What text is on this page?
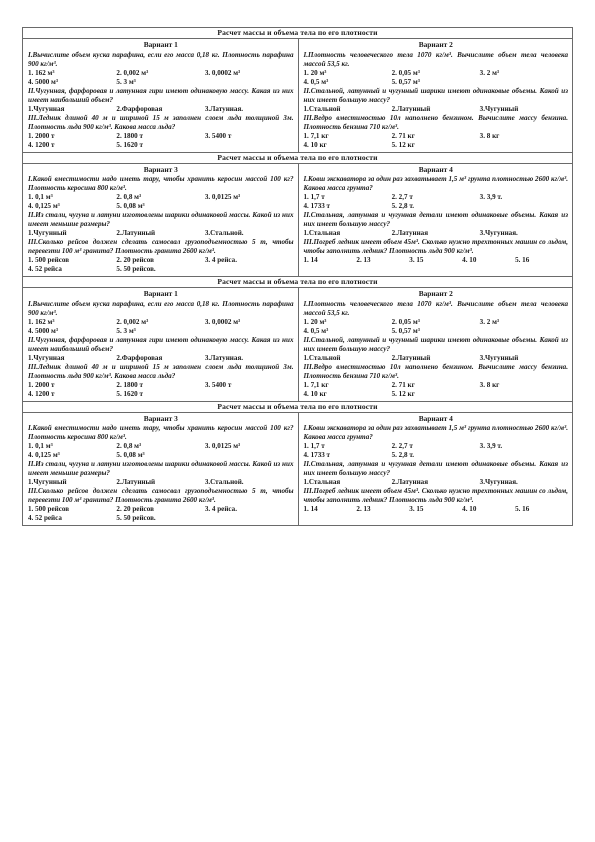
Расчет массы и объема тела по его плотности
Вариант 1
I.Вычислите объем куска парафина, если его масса 0,18 кг. Плотность парафина 900 кг/м³.
1. 162 м³	2. 0,002 м³	3. 0,0002 м³
4. 5000 м³	5. 3 м³
II.Чугунная, фарфоровая и латунная гири имеют одинаковую массу. Какая из них имеет наибольший объем?
1.Чугунная	2.Фарфоровая	3.Латунная.
III.Ледник длиной 40 м и шириной 15 м заполнен слоем льда толщиной 3м. Плотность льда 900 кг/м³. Какова масса льда?
1. 2000 т	2. 1800 т	3. 5400 т
4. 1200 т	5. 1620 т
Вариант 2
I.Плотность человеческого тела 1070 кг/м³. Вычислите объем тела человека массой 53,5 кг.
1. 20 м³	2. 0,05 м³	3. 2 м³
4. 0,5 м³	5. 0,57 м³
II.Стальной, латунный и чугунный шарики имеют одинаковые объемы. Какой из них имеет большую массу?
1.Стальной	2.Латунный	3.Чугунный
III.Ведро вместимостью 10л наполнено бензином. Вычислите массу бензина. Плотность бензина 710 кг/м³.
1. 7,1 кг	2. 71 кг	3. 8 кг
4. 10 кг	5. 12 кг
Расчет массы и объема тела по его плотности
Вариант 3
I.Какой вместимости надо иметь тару, чтобы хранить керосин массой 100 кг? Плотность керосина 800 кг/м³.
1. 0,1 м³	2. 0,8 м³	3. 0,0125 м³
4. 0,125 м³	5. 0,08 м³
II.Из стали, чугуна и латуни изготовлены шарики одинаковой массы. Какой из них имеет меньшие размеры?
1.Чугунный	2.Латунный	3.Стальной.
III.Сколько рейсов должен сделать самосвал грузоподъемностью 5 т, чтобы перевезти 100 м³ гранита? Плотность гранита 2600 кг/м³.
1. 500 рейсов	2. 20 рейсов	3. 4 рейса.
4. 52 рейса	5. 50 рейсов.
Вариант 4
I.Ковш экскаватора за один раз захватывает 1,5 м³ грунта плотностью 2600 кг/м³. Какова масса грунта?
1. 1,7 т	2. 2,7 т	3. 3,9 т.
4. 1733 т	5. 2,8 т.
II.Стальная, латунная и чугунная детали имеют одинаковые объемы. Какая из них имеет большую массу?
1.Стальная	2.Латунная	3.Чугунная.
III.Погреб ледник имеет объем 45м³. Сколько нужно трехтонных машин со льдом, чтобы заполнить ледник? Плотность льда 900 кг/м³.
1. 14	2. 13	3. 15	4. 10	5. 16
Расчет массы и объема тела по его плотности
Вариант 1
I.Вычислите объем куска парафина, если его масса 0,18 кг. Плотность парафина 900 кг/м³.
1. 162 м³	2. 0,002 м³	3. 0,0002 м³
4. 5000 м³	5. 3 м³
II.Чугунная, фарфоровая и латунная гири имеют одинаковую массу. Какая из них имеет наибольший объем?
1.Чугунная	2.Фарфоровая	3.Латунная.
III.Ледник длиной 40 м и шириной 15 м заполнен слоем льда толщиной 3м. Плотность льда 900 кг/м³. Какова масса льда?
1. 2000 т	2. 1800 т	3. 5400 т
4. 1200 т	5. 1620 т
Вариант 2
I.Плотность человеческого тела 1070 кг/м³. Вычислите объем тела человека массой 53,5 кг.
1. 20 м³	2. 0,05 м³	3. 2 м³
4. 0,5 м³	5. 0,57 м³
II.Стальной, латунный и чугунный шарики имеют одинаковые объемы. Какой из них имеет большую массу?
1.Стальной	2.Латунный	3.Чугунный
III.Ведро вместимостью 10л наполнено бензином. Вычислите массу бензина. Плотность бензина 710 кг/м³.
1. 7,1 кг	2. 71 кг	3. 8 кг
4. 10 кг	5. 12 кг
Расчет массы и объема тела по его плотности
Вариант 3
I.Какой вместимости надо иметь тару, чтобы хранить керосин массой 100 кг? Плотность керосина 800 кг/м³.
1. 0,1 м³	2. 0,8 м³	3. 0,0125 м³
4. 0,125 м³	5. 0,08 м³
II.Из стали, чугуна и латуни изготовлены шарики одинаковой массы. Какой из них имеет меньшие размеры?
1.Чугунный	2.Латунный	3.Стальной.
III.Сколько рейсов должен сделать самосвал грузоподъемностью 5 т, чтобы перевезти 100 м³ гранита? Плотность гранита 2600 кг/м³.
1. 500 рейсов	2. 20 рейсов	3. 4 рейса.
4. 52 рейса	5. 50 рейсов.
Вариант 4
I.Ковш экскаватора за один раз захватывает 1,5 м³ грунта плотностью 2600 кг/м³. Какова масса грунта?
1. 1,7 т	2. 2,7 т	3. 3,9 т.
4. 1733 т	5. 2,8 т.
II.Стальная, латунная и чугунная детали имеют одинаковые объемы. Какая из них имеет большую массу?
1.Стальная	2.Латунная	3.Чугунная.
III.Погреб ледник имеет объем 45м³. Сколько нужно трехтонных машин со льдом, чтобы заполнить ледник? Плотность льда 900 кг/м³.
1. 14	2. 13	3. 15	4. 10	5. 16
